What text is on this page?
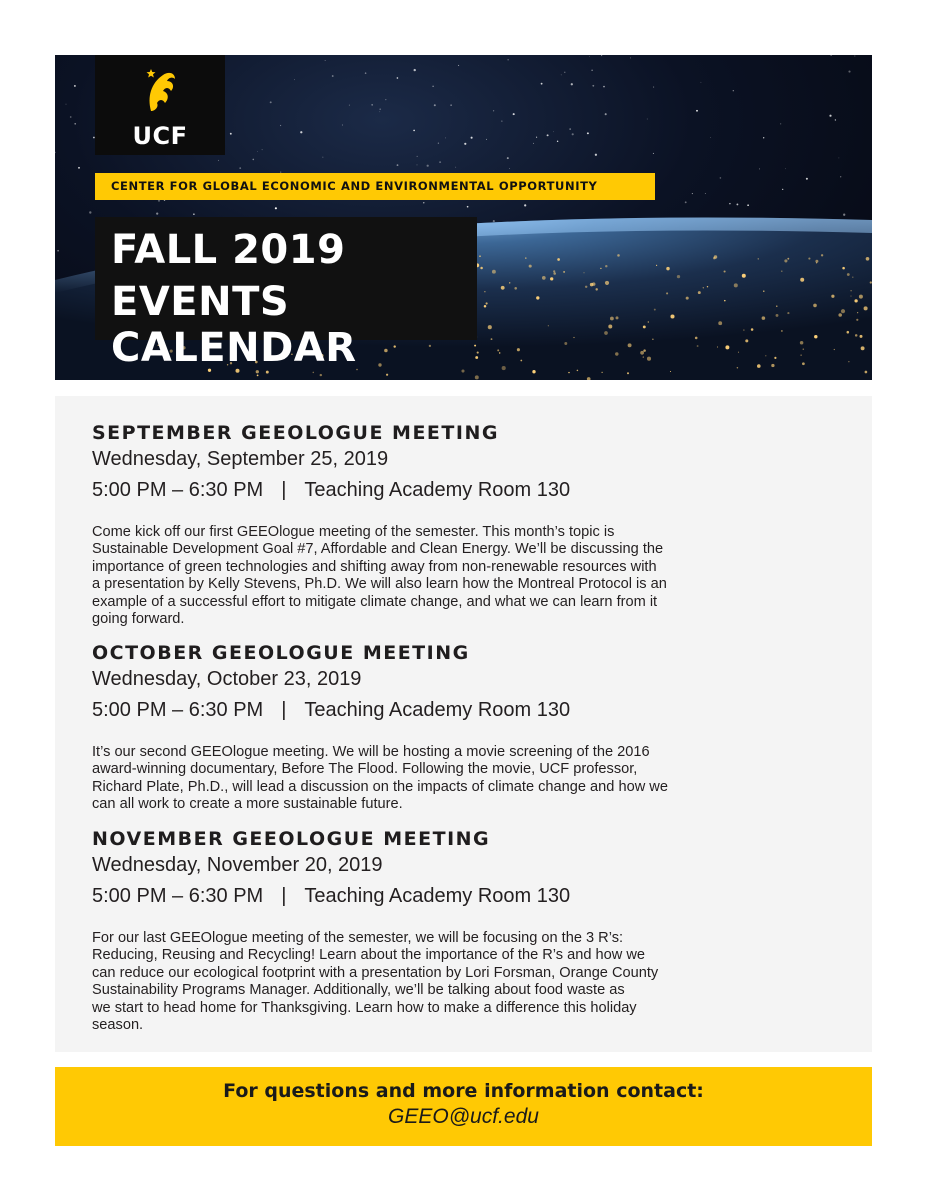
UCF
CENTER FOR GLOBAL ECONOMIC AND ENVIRONMENTAL OPPORTUNITY
FALL 2019
EVENTS CALENDAR
SEPTEMBER GEEOLOGUE MEETING
Wednesday, September 25, 2019
5:00 PM – 6:30 PM | Teaching Academy Room 130
Come kick off our first GEEOlogue meeting of the semester. This month’s topic is
Sustainable Development Goal #7, Affordable and Clean Energy. We’ll be discussing the
importance of green technologies and shifting away from non-renewable resources with
a presentation by Kelly Stevens, Ph.D. We will also learn how the Montreal Protocol is an
example of a successful effort to mitigate climate change, and what we can learn from it
going forward.
OCTOBER GEEOLOGUE MEETING
Wednesday, October 23, 2019
5:00 PM – 6:30 PM | Teaching Academy Room 130
It’s our second GEEOlogue meeting. We will be hosting a movie screening of the 2016
award-winning documentary, Before The Flood. Following the movie, UCF professor,
Richard Plate, Ph.D., will lead a discussion on the impacts of climate change and how we
can all work to create a more sustainable future.
NOVEMBER GEEOLOGUE MEETING
Wednesday, November 20, 2019
5:00 PM – 6:30 PM | Teaching Academy Room 130
For our last GEEOlogue meeting of the semester, we will be focusing on the 3 R’s:
Reducing, Reusing and Recycling! Learn about the importance of the R’s and how we
can reduce our ecological footprint with a presentation by Lori Forsman, Orange County
Sustainability Programs Manager. Additionally, we’ll be talking about food waste as
we start to head home for Thanksgiving. Learn how to make a difference this holiday
season.
For questions and more information contact:
GEEO@ucf.edu
